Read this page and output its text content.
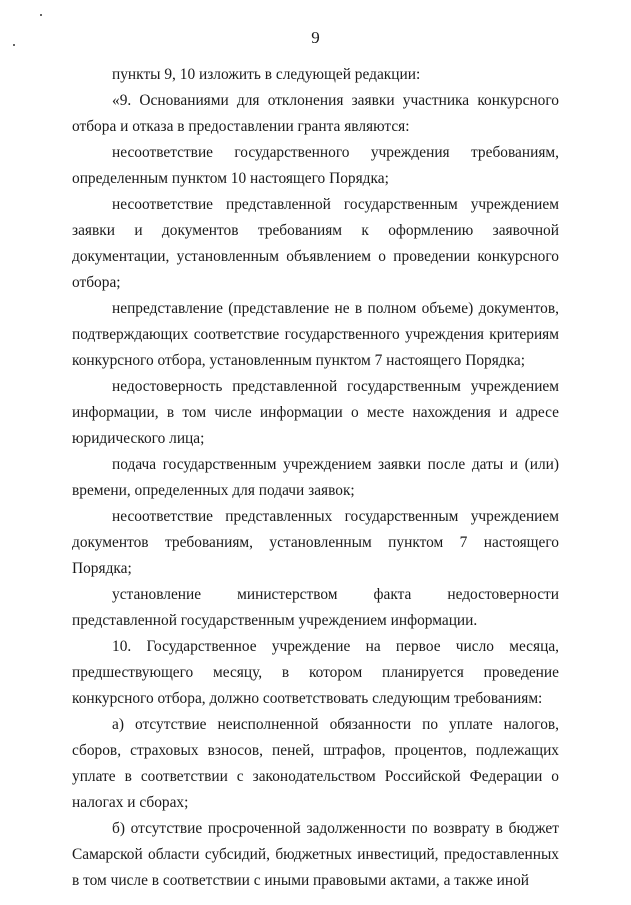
9

пункты 9, 10 изложить в следующей редакции:

«9. Основаниями для отклонения заявки участника конкурсного отбора и отказа в предоставлении гранта являются:

несоответствие государственного учреждения требованиям, определенным пунктом 10 настоящего Порядка;

несоответствие представленной государственным учреждением заявки и документов требованиям к оформлению заявочной документации, установленным объявлением о проведении конкурсного отбора;

непредставление (представление не в полном объеме) документов, подтверждающих соответствие государственного учреждения критериям конкурсного отбора, установленным пунктом 7 настоящего Порядка;

недостоверность представленной государственным учреждением информации, в том числе информации о месте нахождения и адресе юридического лица;

подача государственным учреждением заявки после даты и (или) времени, определенных для подачи заявок;

несоответствие представленных государственным учреждением документов требованиям, установленным пунктом 7 настоящего Порядка;

установление министерством факта недостоверности представленной государственным учреждением информации.

10. Государственное учреждение на первое число месяца, предшествующего месяцу, в котором планируется проведение конкурсного отбора, должно соответствовать следующим требованиям:

а) отсутствие неисполненной обязанности по уплате налогов, сборов, страховых взносов, пеней, штрафов, процентов, подлежащих уплате в соответствии с законодательством Российской Федерации о налогах и сборах;

б) отсутствие просроченной задолженности по возврату в бюджет Самарской области субсидий, бюджетных инвестиций, предоставленных в том числе в соответствии с иными правовыми актами, а также иной
